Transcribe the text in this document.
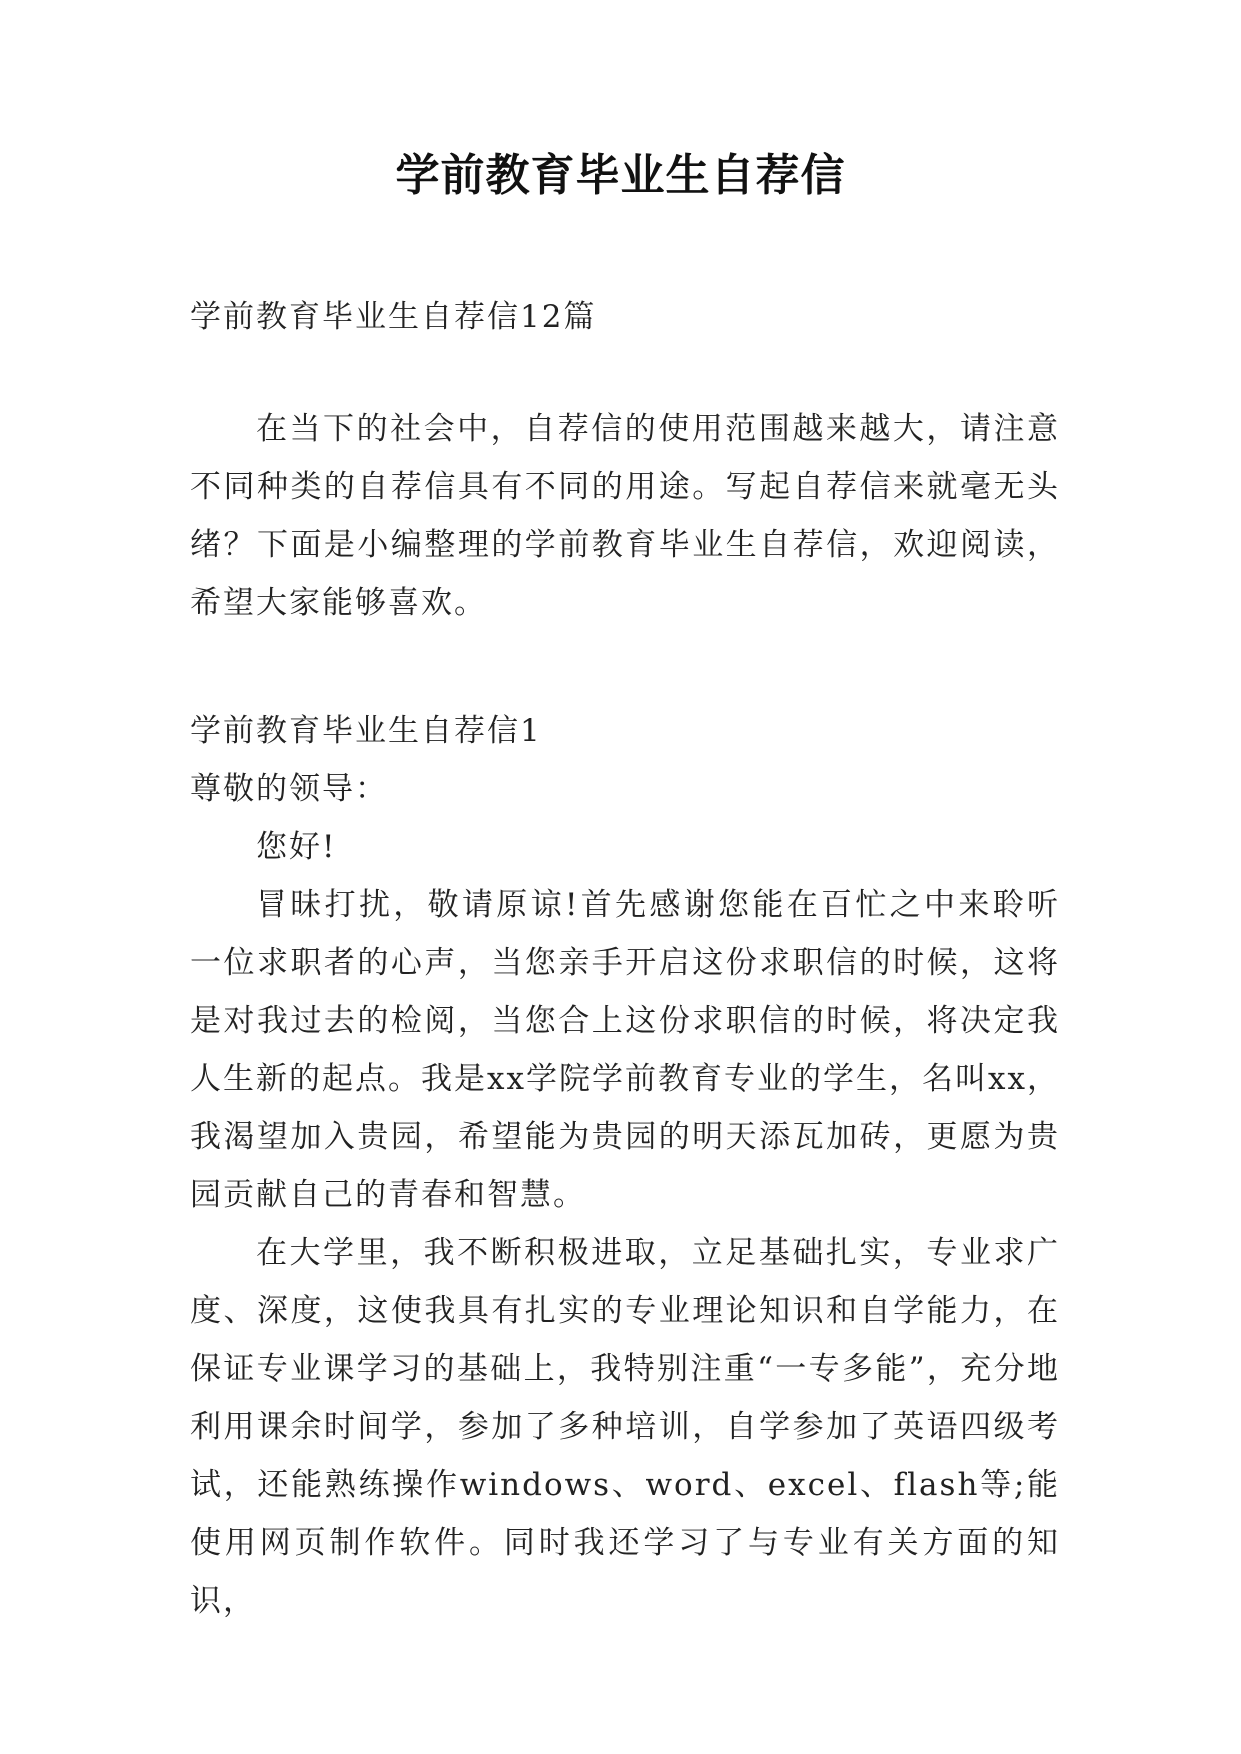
学前教育毕业生自荐信

学前教育毕业生自荐信12篇

在当下的社会中，自荐信的使用范围越来越大，请注意不同种类的自荐信具有不同的用途。写起自荐信来就毫无头绪？下面是小编整理的学前教育毕业生自荐信，欢迎阅读，希望大家能够喜欢。

学前教育毕业生自荐信1

尊敬的领导：

您好!

冒昧打扰，敬请原谅!首先感谢您能在百忙之中来聆听一位求职者的心声，当您亲手开启这份求职信的时候，这将是对我过去的检阅，当您合上这份求职信的时候，将决定我人生新的起点。我是xx学院学前教育专业的学生，名叫xx，我渴望加入贵园，希望能为贵园的明天添瓦加砖，更愿为贵园贡献自己的青春和智慧。

在大学里，我不断积极进取，立足基础扎实，专业求广度、深度，这使我具有扎实的专业理论知识和自学能力，在保证专业课学习的基础上，我特别注重“一专多能”，充分地利用课余时间学，参加了多种培训，自学参加了英语四级考试，还能熟练操作windows、word、excel、flash等;能使用网页制作软件。同时我还学习了与专业有关方面的知识，
